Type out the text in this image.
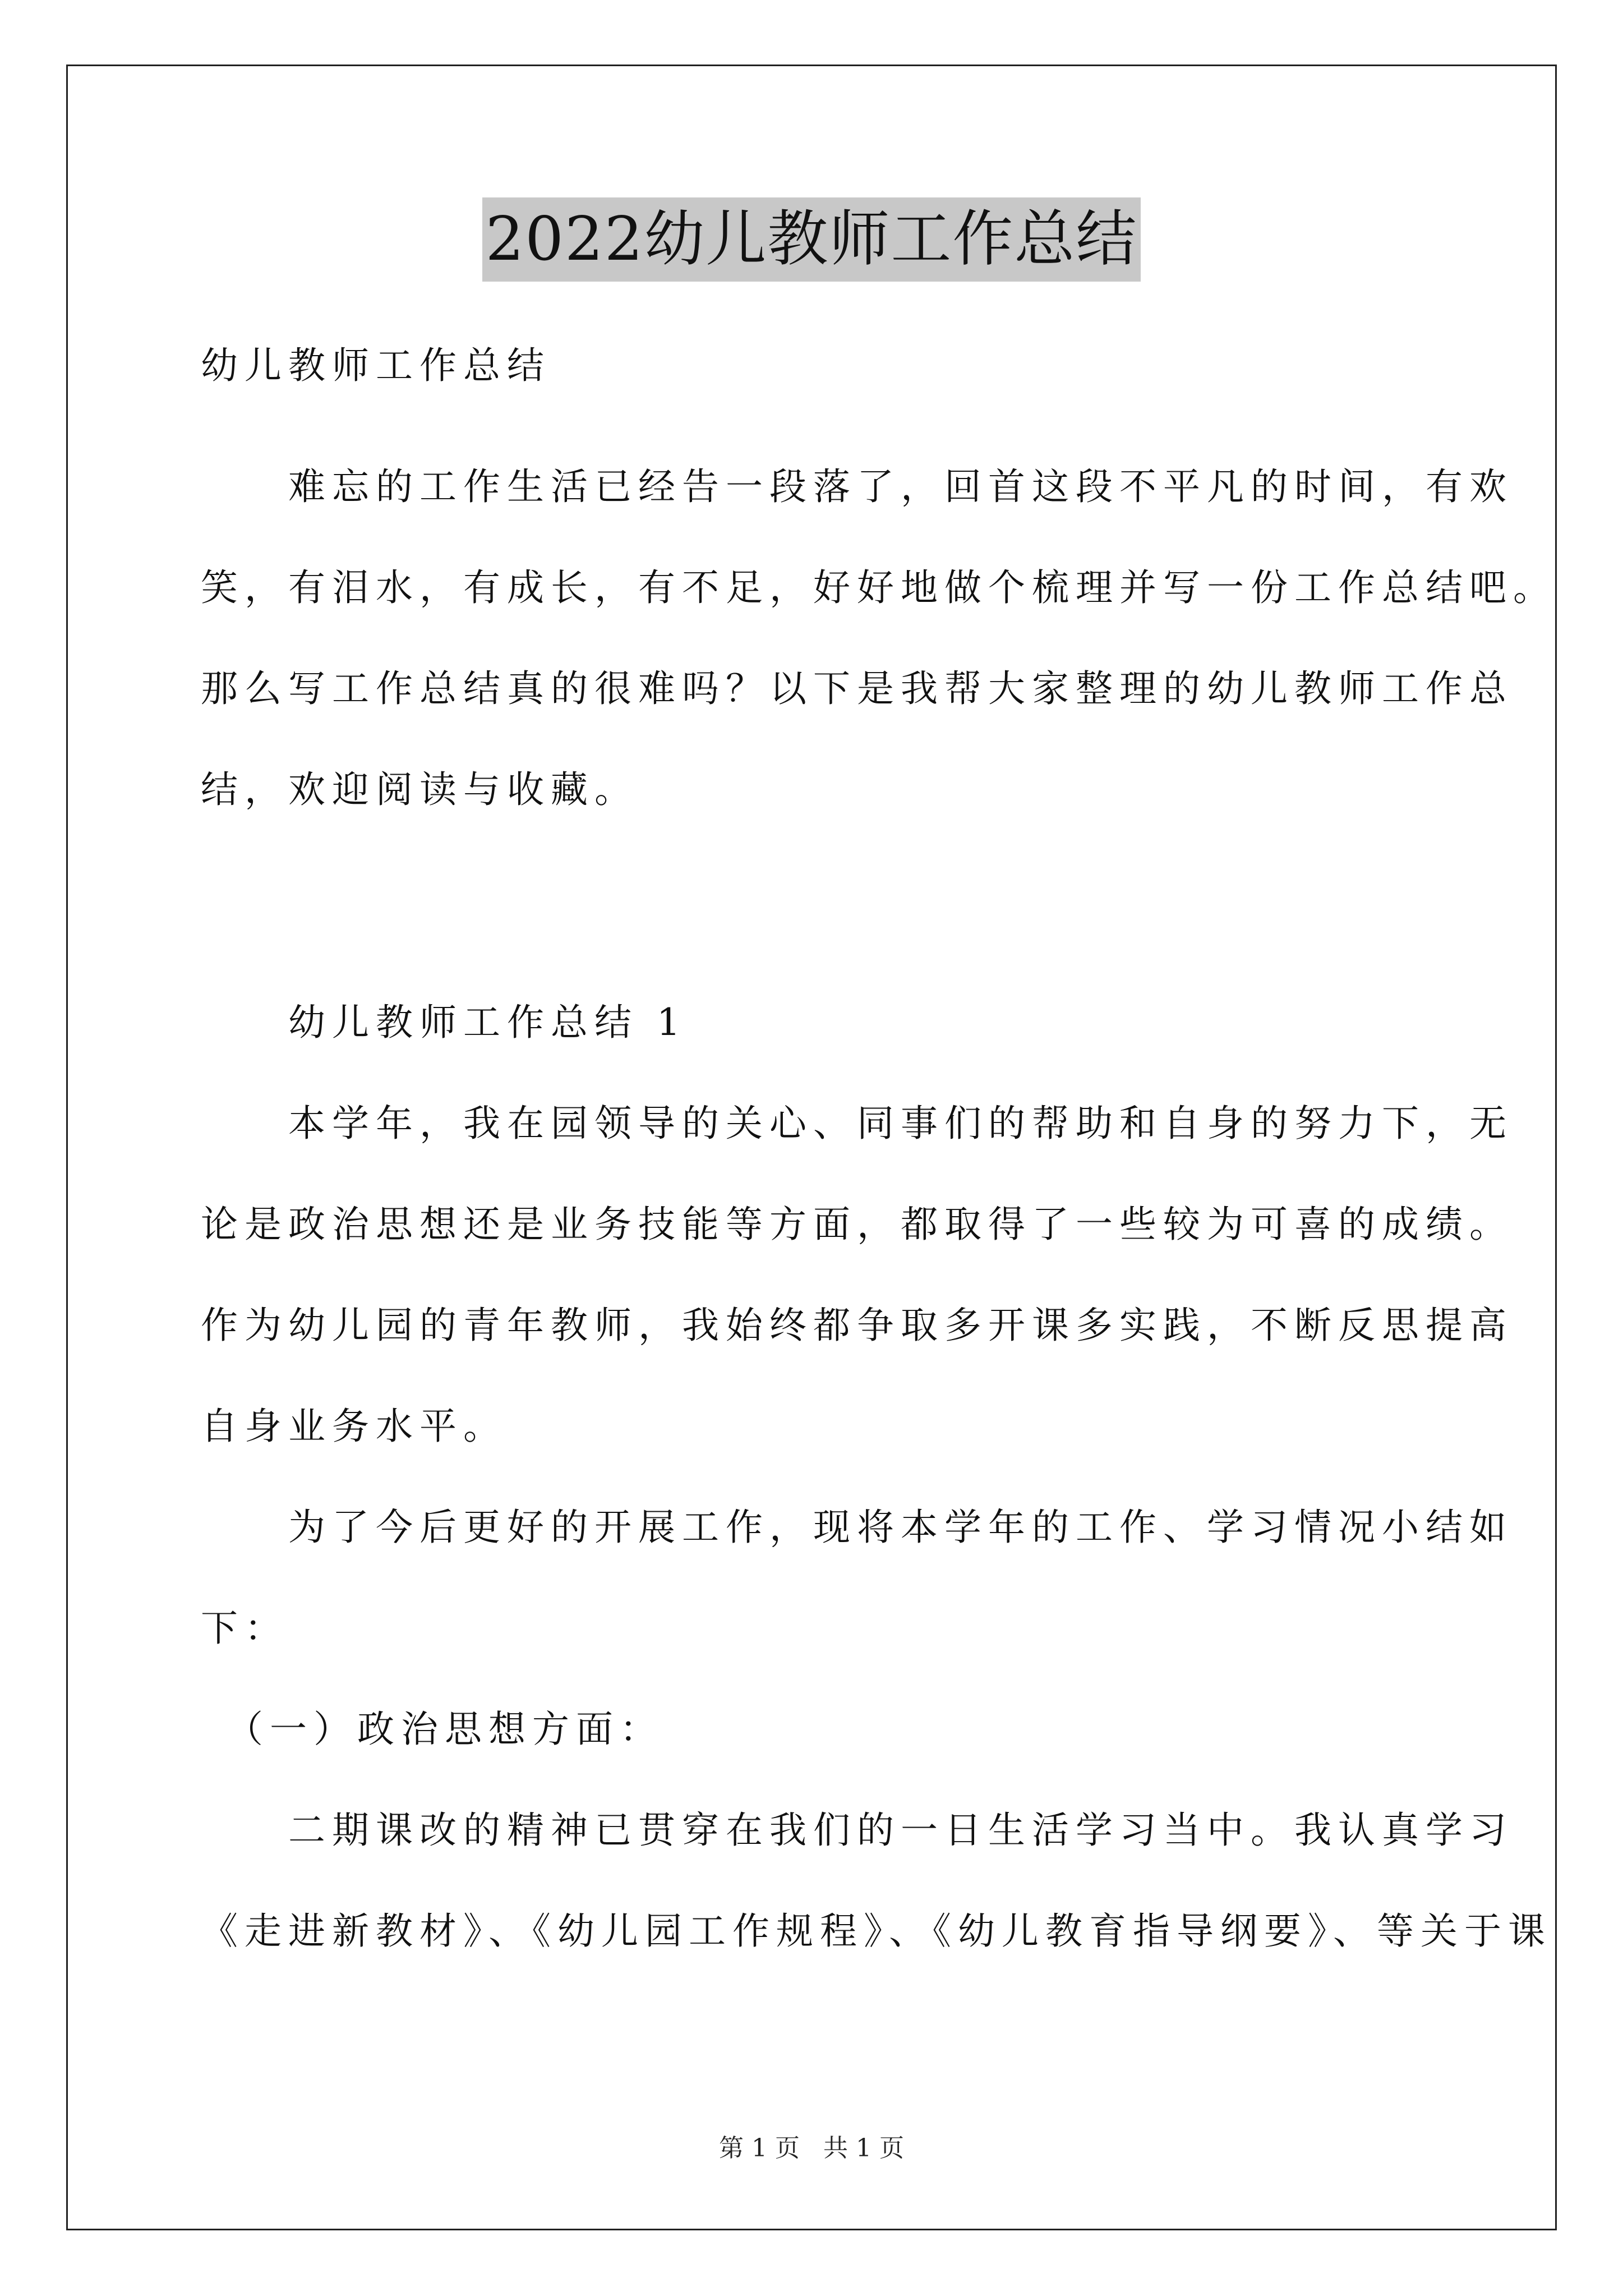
2022幼儿教师工作总结

幼儿教师工作总结

　　难忘的工作生活已经告一段落了，回首这段不平凡的时间，有欢

笑，有泪水，有成长，有不足，好好地做个梳理并写一份工作总结吧。

那么写工作总结真的很难吗？以下是我帮大家整理的幼儿教师工作总

结，欢迎阅读与收藏。

　　幼儿教师工作总结 1

　　本学年，我在园领导的关心、同事们的帮助和自身的努力下，无

论是政治思想还是业务技能等方面，都取得了一些较为可喜的成绩。

作为幼儿园的青年教师，我始终都争取多开课多实践，不断反思提高

自身业务水平。

　　为了今后更好的开展工作，现将本学年的工作、学习情况小结如

下：

　（一）政治思想方面：

　　二期课改的精神已贯穿在我们的一日生活学习当中。我认真学习

《走进新教材》、《幼儿园工作规程》、《幼儿教育指导纲要》、等关于课

第 1 页 共 1 页
